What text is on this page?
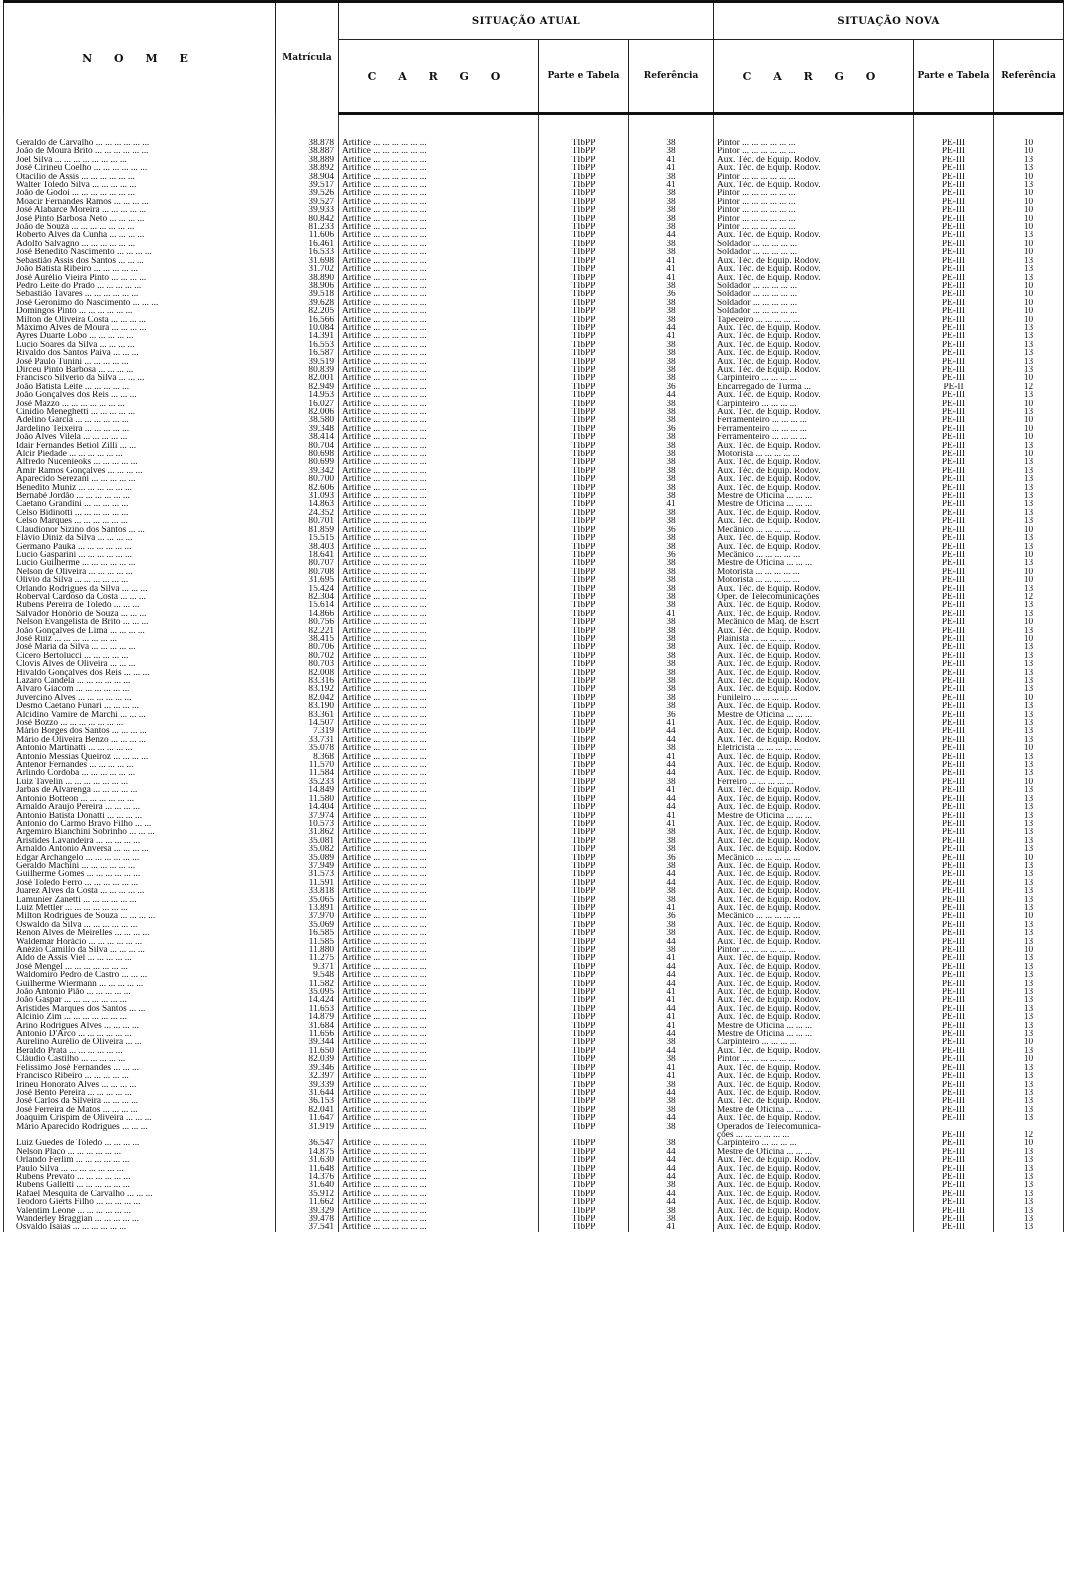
N O M E	Matrícula	SITUAÇÃO ATUAL			SITUAÇÃO NOVA		
		C A R G O	Parte e Tabela	Referência	C A R G O	Parte e Tabela	Referência

Geraldo de Carvalho ... ... ... ... ... ...	38.878	Artífice ... ... ... ... ... ...	TIbPP	38	Pintor ... ... ... ... ... ...	PE-III	10
João de Moura Brito ... ... ... ... ... ...	38.887	Artífice ... ... ... ... ... ...	TIbPP	38	Pintor ... ... ... ... ... ...	PE-III	10
Joel Silva ... ... ... ... ... ... ... ...	38.889	Artífice ... ... ... ... ... ...	TIbPP	41	Aux. Téc. de Equip. Rodov.	PE-III	13
José Cirineu Coelho ... ... ... ... ... ...	38.892	Artífice ... ... ... ... ... ...	TIbPP	41	Aux. Téc. de Equip. Rodov.	PE-III	13
Otacílio de Assis ... ... ... ... ... ...	38.904	Artífice ... ... ... ... ... ...	TIbPP	38	Pintor ... ... ... ... ... ...	PE-III	10
Walter Toledo Silva ... ... ... ... ...	39.517	Artífice ... ... ... ... ... ...	TIbPP	41	Aux. Téc. de Equip. Rodov.	PE-III	13
João de Godoi ... ... ... ... ... ... ...	39.526	Artífice ... ... ... ... ... ...	TIbPP	38	Pintor ... ... ... ... ... ...	PE-III	10
Moacir Fernandes Ramos ... ... ... ...	39.527	Artífice ... ... ... ... ... ...	TIbPP	38	Pintor ... ... ... ... ... ...	PE-III	10
José Alabarce Moreira ... ... ... ... ...	39.933	Artífice ... ... ... ... ... ...	TIbPP	38	Pintor ... ... ... ... ... ...	PE-III	10
José Pinto Barbosa Neto ... ... ... ...	80.842	Artífice ... ... ... ... ... ...	TIbPP	38	Pintor ... ... ... ... ... ...	PE-III	10
João de Souza ... ... ... ... ... ... ...	81.233	Artífice ... ... ... ... ... ...	TIbPP	38	Pintor ... ... ... ... ... ...	PE-III	10
Roberto Alves da Cunha ... ... ... ...	11.606	Artífice ... ... ... ... ... ...	TIbPP	44	Aux. Téc. de Equip. Rodov.	PE-III	13
Adolfo Salvagno ... ... ... ... ... ...	16.461	Artífice ... ... ... ... ... ...	TIbPP	38	Soldador ... ... ... ... ...	PE-III	10
José Benedito Nascimento ... ... ... ...	16.533	Artífice ... ... ... ... ... ...	TIbPP	38	Soldador ... ... ... ... ...	PE-III	10
Sebastião Assis dos Santos ... ... ...	31.698	Artífice ... ... ... ... ... ...	TIbPP	41	Aux. Téc. de Equip. Rodov.	PE-III	13
João Batista Ribeiro ... ... ... ... ...	31.702	Artífice ... ... ... ... ... ...	TIbPP	41	Aux. Téc. de Equip. Rodov.	PE-III	13
José Aurélio Vieira Pinto ... ... ... ...	38.890	Artífice ... ... ... ... ... ...	TIbPP	41	Aux. Téc. de Equip. Rodov.	PE-III	13
Pedro Leite do Prado ... ... ... ... ...	38.906	Artífice ... ... ... ... ... ...	TIbPP	38	Soldador ... ... ... ... ...	PE-III	10
Sebastião Tavares ... ... ... ... ... ...	39.518	Artífice ... ... ... ... ... ...	TIbPP	36	Soldador ... ... ... ... ...	PE-III	10
José Geronimo do Nascimento ... ... ...	39.628	Artífice ... ... ... ... ... ...	TIbPP	38	Soldador ... ... ... ... ...	PE-III	10
Domingos Pinto ... ... ... ... ... ...	82.205	Artífice ... ... ... ... ... ...	TIbPP	38	Soldador ... ... ... ... ...	PE-III	10
Milton de Oliveira Costa ... ... ... ...	16.566	Artífice ... ... ... ... ... ...	TIbPP	38	Tapeceiro ... ... ... ... ...	PE-III	10
Máximo Alves de Moura ... ... ... ...	10.084	Artífice ... ... ... ... ... ...	TIbPP	44	Aux. Téc. de Equip. Rodov.	PE-III	13
Ayres Duarte Lobo ... ... ... ... ...	14.391	Artífice ... ... ... ... ... ...	TIbPP	41	Aux. Téc. de Equip. Rodov.	PE-III	13
Lucio Soares da Silva ... ... ... ...	16.553	Artífice ... ... ... ... ... ...	TIbPP	38	Aux. Téc. de Equip. Rodov.	PE-III	13
Rivaldo dos Santos Paiva ... ... ...	16.587	Artífice ... ... ... ... ... ...	TIbPP	38	Aux. Téc. de Equip. Rodov.	PE-III	13
José Paulo Tunini ... ... ... ... ...	39.519	Artífice ... ... ... ... ... ...	TIbPP	38	Aux. Téc. de Equip. Rodov.	PE-III	13
Dirceu Pinto Barbosa ... ... ... ...	80.839	Artífice ... ... ... ... ... ...	TIbPP	38	Aux. Téc. de Equip. Rodov.	PE-III	13
Francisco Silverio da Silva ... ... ...	82.001	Artífice ... ... ... ... ... ...	TIbPP	38	Carpinteiro ... ... ... ...	PE-III	10
João Batista Leite ... ... ... ... ...	82.949	Artífice ... ... ... ... ... ...	TIbPP	36	Encarregado de Turma ...	PE-II	12
João Gonçalves dos Reis ... ... ...	14.953	Artífice ... ... ... ... ... ...	TIbPP	44	Aux. Téc. de Equip. Rodov.	PE-III	13
José Mazzo ... ... ... ... ... ... ...	16.027	Artífice ... ... ... ... ... ...	TIbPP	38	Carpinteiro ... ... ... ...	PE-III	10
Cinidio Meneghetti ... ... ... ... ...	82.006	Artífice ... ... ... ... ... ...	TIbPP	38	Aux. Téc. de Equip. Rodov.	PE-III	13
Adelino Garcia ... ... ... ... ... ...	38.580	Artífice ... ... ... ... ... ...	TIbPP	38	Ferramenteiro ... ... ... ...	PE-III	10
Jardelino Teixeira ... ... ... ... ...	39.348	Artífice ... ... ... ... ... ...	TIbPP	36	Ferramenteiro ... ... ... ...	PE-III	10
João Alves Vilela ... ... ... ... ...	38.414	Artífice ... ... ... ... ... ...	TIbPP	38	Ferramenteiro ... ... ... ...	PE-III	10
Idair Fernandes Betiol Zilli ... ...	80.704	Artífice ... ... ... ... ... ...	TIbPP	38	Aux. Téc. de Equip. Rodov.	PE-III	13
Alcir Piedade ... ... ... ... ... ...	80.698	Artífice ... ... ... ... ... ...	TIbPP	38	Motorista ... ... ... ... ...	PE-III	10
Alfredo Nucenieoks ... ... ... ... ...	80.699	Artífice ... ... ... ... ... ...	TIbPP	38	Aux. Téc. de Equip. Rodov.	PE-III	13
Amir Ramos Gonçalves ... ... ... ...	39.342	Artífice ... ... ... ... ... ...	TIbPP	38	Aux. Téc. de Equip. Rodov.	PE-III	13
Aparecido Serezani ... ... ... ... ...	80.700	Artífice ... ... ... ... ... ...	TIbPP	38	Aux. Téc. de Equip. Rodov.	PE-III	13
Benedito Muniz ... ... ... ... ... ...	82.606	Artífice ... ... ... ... ... ...	TIbPP	38	Aux. Téc. de Equip. Rodov.	PE-III	13
Bernabé Jordão ... ... ... ... ... ...	31.093	Artífice ... ... ... ... ... ...	TIbPP	38	Mestre de Oficina ... ... ...	PE-III	13
Caetano Grandini ... ... ... ... ...	14.863	Artífice ... ... ... ... ... ...	TIbPP	41	Mestre de Oficina ... ... ...	PE-III	13
Celso Bidinotti ... ... ... ... ... ...	24.352	Artífice ... ... ... ... ... ...	TIbPP	38	Aux. Téc. de Equip. Rodov.	PE-III	13
Celso Marques ... ... ... ... ... ...	80.701	Artífice ... ... ... ... ... ...	TIbPP	38	Aux. Téc. de Equip. Rodov.	PE-III	13
Claudionor Sizino dos Santos ... ...	81.859	Artífice ... ... ... ... ... ...	TIbPP	36	Mecânico ... ... ... ... ...	PE-III	10
Flávio Diniz da Silva ... ... ... ...	15.515	Artífice ... ... ... ... ... ...	TIbPP	38	Aux. Téc. de Equip. Rodov.	PE-III	13
Germano Pauka ... ... ... ... ... ...	38.403	Artífice ... ... ... ... ... ...	TIbPP	38	Aux. Téc. de Equip. Rodov.	PE-III	13
Lucio Gasparini ... ... ... ... ... ...	18.641	Artífice ... ... ... ... ... ...	TIbPP	36	Mecânico ... ... ... ... ...	PE-III	10
Lucio Guilherme ... ... ... ... ... ...	80.707	Artífice ... ... ... ... ... ...	TIbPP	38	Mestre de Oficina ... ... ...	PE-III	13
Nelson de Oliveira ... ... ... ... ...	80.708	Artífice ... ... ... ... ... ...	TIbPP	38	Motorista ... ... ... ... ...	PE-III	10
Olivio da Silva ... ... ... ... ... ...	31.695	Artífice ... ... ... ... ... ...	TIbPP	38	Motorista ... ... ... ... ...	PE-III	10
Orlando Rodrigues da Silva ... ... ...	15.424	Artífice ... ... ... ... ... ...	TIbPP	38	Aux. Téc. de Equip. Rodov.	PE-III	13
Roberval Cardoso da Costa ... ... ...	82.304	Artífice ... ... ... ... ... ...	TIbPP	38	Oper. de Telecomunicações	PE-III	12
Rubens Pereira de Toledo ... ... ...	15.614	Artífice ... ... ... ... ... ...	TIbPP	38	Aux. Téc. de Equip. Rodov.	PE-III	13
Salvador Honório de Souza ... ... ...	14.866	Artífice ... ... ... ... ... ...	TIbPP	41	Aux. Téc. de Equip. Rodov.	PE-III	13
Nelson Evangelista de Brito ... ... ...	80.756	Artífice ... ... ... ... ... ...	TIbPP	38	Mecânico de Maq. de Escrt	PE-III	10
João Gonçalves de Lima ... ... ... ...	82.221	Artífice ... ... ... ... ... ...	TIbPP	38	Aux. Téc. de Equip. Rodov.	PE-III	13
José Ruiz ... ... ... ... ... ... ...	38.415	Artífice ... ... ... ... ... ...	TIbPP	38	Plainista ... ... ... ... ...	PE-III	10
José Maria da Silva ... ... ... ... ...	80.706	Artífice ... ... ... ... ... ...	TIbPP	38	Aux. Téc. de Equip. Rodov.	PE-III	13
Cicero Bertolucci ... ... ... ... ...	80.702	Artífice ... ... ... ... ... ...	TIbPP	38	Aux. Téc. de Equip. Rodov.	PE-III	13
Clovis Alves de Oliveira ... ... ...	80.703	Artífice ... ... ... ... ... ...	TIbPP	38	Aux. Téc. de Equip. Rodov.	PE-III	13
Hivaldo Gonçalves dos Reis ... ... ...	82.008	Artífice ... ... ... ... ... ...	TIbPP	38	Aux. Téc. de Equip. Rodov.	PE-III	13
Lazaro Candela ... ... ... ... ... ...	83.316	Artífice ... ... ... ... ... ...	TIbPP	38	Aux. Téc. de Equip. Rodov.	PE-III	13
Alvaro Giacom ... ... ... ... ... ...	83.192	Artífice ... ... ... ... ... ...	TIbPP	38	Aux. Téc. de Equip. Rodov.	PE-III	13
Juvercino Alves ... ... ... ... ... ...	82.042	Artífice ... ... ... ... ... ...	TIbPP	38	Funileiro ... ... ... ... ...	PE-III	10
Desmo Caetano Funari ... ... ... ...	83.190	Artífice ... ... ... ... ... ...	TIbPP	38	Aux. Téc. de Equip. Rodov.	PE-III	13
Alcidino Vamire de Marchi ... ... ...	83.361	Artífice ... ... ... ... ... ...	TIbPP	36	Mestre de Oficina ... ... ...	PE-III	13
José Bozzo ... ... ... ... ... ... ...	14.507	Artífice ... ... ... ... ... ...	TIbPP	41	Aux. Téc. de Equip. Rodov.	PE-III	13
Mário Borges dos Santos ... ... ... ...	7.319	Artífice ... ... ... ... ... ...	TIbPP	44	Aux. Téc. de Equip. Rodov.	PE-III	13
Mário de Oliveira Benzo ... ... ... ...	33.731	Artífice ... ... ... ... ... ...	TIbPP	44	Aux. Téc. de Equip. Rodov.	PE-III	13
Antonio Martinatti ... ... ... ... ...	35.078	Artífice ... ... ... ... ... ...	TIbPP	38	Eletricista ... ... ... ... ...	PE-III	10
Antonio Messias Queiroz ... ... ... ...	8.368	Artífice ... ... ... ... ... ...	TIbPP	41	Aux. Téc. de Equip. Rodov.	PE-III	13
Antenor Fernandes ... ... ... ... ...	11.570	Artífice ... ... ... ... ... ...	TIbPP	44	Aux. Téc. de Equip. Rodov.	PE-III	13
Arlindo Cordoba ... ... ... ... ... ...	11.584	Artífice ... ... ... ... ... ...	TIbPP	44	Aux. Téc. de Equip. Rodov.	PE-III	13
Luiz Tavelin ... ... ... ... ... ... ...	35.233	Artífice ... ... ... ... ... ...	TIbPP	38	Ferreiro ... ... ... ... ...	PE-III	10
Jarbas de Alvarenga ... ... ... ... ...	14.849	Artífice ... ... ... ... ... ...	TIbPP	41	Aux. Téc. de Equip. Rodov.	PE-III	13
Antonio Botteon ... ... ... ... ... ...	11.580	Artífice ... ... ... ... ... ...	TIbPP	44	Aux. Téc. de Equip. Rodov.	PE-III	13
Arnaldo Araujo Pereira ... ... ... ...	14.404	Artífice ... ... ... ... ... ...	TIbPP	44	Aux. Téc. de Equip. Rodov.	PE-III	13
Antonio Batista Donatti ... ... ... ...	37.974	Artífice ... ... ... ... ... ...	TIbPP	41	Mestre de Oficina ... ... ...	PE-III	13
Antonio do Carmo Bravo Filho ... ...	10.573	Artífice ... ... ... ... ... ...	TIbPP	41	Aux. Téc. de Equip. Rodov.	PE-III	13
Argemiro Bianchini Sobrinho ... ... ...	31.862	Artífice ... ... ... ... ... ...	TIbPP	38	Aux. Téc. de Equip. Rodov.	PE-III	13
Aristides Lavandeira ... ... ... ... ...	35.081	Artífice ... ... ... ... ... ...	TIbPP	38	Aux. Téc. de Equip. Rodov.	PE-III	13
Arnaldo Antonio Anversa ... ... ... ...	35.082	Artífice ... ... ... ... ... ...	TIbPP	38	Aux. Téc. de Equip. Rodov.	PE-III	13
Edgar Archangelo ... ... ... ... ... ...	35.089	Artífice ... ... ... ... ... ...	TIbPP	36	Mecânico ... ... ... ... ...	PE-III	10
Geraldo Machini ... ... ... ... ... ...	37.949	Artífice ... ... ... ... ... ...	TIbPP	38	Aux. Téc. de Equip. Rodov.	PE-III	13
Guilherme Gomes ... ... ... ... ... ...	31.573	Artífice ... ... ... ... ... ...	TIbPP	44	Aux. Téc. de Equip. Rodov.	PE-III	13
José Toledo Ferro ... ... ... ... ... ...	11.591	Artífice ... ... ... ... ... ...	TIbPP	44	Aux. Téc. de Equip. Rodov.	PE-III	13
Juarez Alves da Costa ... ... ... ... ...	33.818	Artífice ... ... ... ... ... ...	TIbPP	38	Aux. Téc. de Equip. Rodov.	PE-III	13
Lamunier Zanetti ... ... ... ... ... ...	35.065	Artífice ... ... ... ... ... ...	TIbPP	38	Aux. Téc. de Equip. Rodov.	PE-III	13
Luiz Mettler ... ... ... ... ... ... ...	13.891	Artífice ... ... ... ... ... ...	TIbPP	41	Aux. Téc. de Equip. Rodov.	PE-III	13
Milton Rodrigues de Souza ... ... ... ...	37.970	Artífice ... ... ... ... ... ...	TIbPP	36	Mecânico ... ... ... ... ...	PE-III	10
Oswaldo da Silva ... ... ... ... ... ...	35.069	Artífice ... ... ... ... ... ...	TIbPP	38	Aux. Téc. de Equip. Rodov.	PE-III	13
Renon Alves de Meirelles ... ... ... ...	16.585	Artífice ... ... ... ... ... ...	TIbPP	38	Aux. Téc. de Equip. Rodov.	PE-III	13
Waldemar Horácio ... ... ... ... ... ...	11.585	Artífice ... ... ... ... ... ...	TIbPP	44	Aux. Téc. de Equip. Rodov.	PE-III	13
Anézio Camillo da Silva ... ... ... ...	11.880	Artífice ... ... ... ... ... ...	TIbPP	38	Pintor ... ... ... ... ... ...	PE-III	10
Aldo de Assis Viel ... ... ... ... ...	11.275	Artífice ... ... ... ... ... ...	TIbPP	41	Aux. Téc. de Equip. Rodov.	PE-III	13
José Mengel ... ... ... ... ... ... ...	9.371	Artífice ... ... ... ... ... ...	TIbPP	44	Aux. Téc. de Equip. Rodov.	PE-III	13
Waldomiro Pedro de Castro ... ... ...	9.548	Artífice ... ... ... ... ... ...	TIbPP	44	Aux. Téc. de Equip. Rodov.	PE-III	13
Guilherme Wiermann ... ... ... ... ...	11.582	Artífice ... ... ... ... ... ...	TIbPP	44	Aux. Téc. de Equip. Rodov.	PE-III	13
João Antonio Pião ... ... ... ... ...	35.095	Artífice ... ... ... ... ... ...	TIbPP	41	Aux. Téc. de Equip. Rodov.	PE-III	13
João Gaspar ... ... ... ... ... ... ...	14.424	Artífice ... ... ... ... ... ...	TIbPP	41	Aux. Téc. de Equip. Rodov.	PE-III	13
Aristides Marques dos Santos ... ...	11.653	Artífice ... ... ... ... ... ...	TIbPP	44	Aux. Téc. de Equip. Rodov.	PE-III	13
Alcinio Zim ... ... ... ... ... ... ...	14.879	Artífice ... ... ... ... ... ...	TIbPP	41	Aux. Téc. de Equip. Rodov.	PE-III	13
Arino Rodrigues Alves ... ... ... ...	31.684	Artífice ... ... ... ... ... ...	TIbPP	41	Mestre de Oficina ... ... ...	PE-III	13
Antonio D'Arco ... ... ... ... ... ...	11.656	Artífice ... ... ... ... ... ...	TIbPP	44	Mestre de Oficina ... ... ...	PE-III	13
Aurelino Aurélio de Oliveira ... ...	39.344	Artífice ... ... ... ... ... ...	TIbPP	38	Carpinteiro ... ... ... ...	PE-III	10
Beraldo Prata ... ... ... ... ... ...	11.650	Artífice ... ... ... ... ... ...	TIbPP	44	Aux. Téc. de Equip. Rodov.	PE-III	13
Cláudio Castilho ... ... ... ... ...	82.039	Artífice ... ... ... ... ... ...	TIbPP	38	Pintor ... ... ... ... ... ...	PE-III	10
Felissimo José Fernandes ... ... ...	39.346	Artífice ... ... ... ... ... ...	TIbPP	41	Aux. Téc. de Equip. Rodov.	PE-III	13
Francisco Ribeiro ... ... ... ... ...	32.397	Artífice ... ... ... ... ... ...	TIbPP	41	Aux. Téc. de Equip. Rodov.	PE-III	13
Irineu Honorato Alves ... ... ... ...	39.339	Artífice ... ... ... ... ... ...	TIbPP	38	Aux. Téc. de Equip. Rodov.	PE-III	13
José Bento Pereira ... ... ... ... ...	31.644	Artífice ... ... ... ... ... ...	TIbPP	44	Aux. Téc. de Equip. Rodov.	PE-III	13
José Carlos da Silveira ... ... ... ...	36.153	Artífice ... ... ... ... ... ...	TIbPP	38	Aux. Téc. de Equip. Rodov.	PE-III	13
José Ferreira de Matos ... ... ... ...	82.041	Artífice ... ... ... ... ... ...	TIbPP	38	Mestre de Oficina ... ... ...	PE-III	13
Joaquim Crispim de Oliveira ... ... ...	11.647	Artífice ... ... ... ... ... ...	TIbPP	44	Aux. Téc. de Equip. Rodov.	PE-III	13
Mário Aparecido Rodrigues ... ... ...	31.919	Artífice ... ... ... ... ... ...	TIbPP	38	Operados de Telecomunica-		
					ções ... ... ... ... ... ...	PE-III	12
Luiz Guedes de Toledo ... ... ... ...	36.547	Artífice ... ... ... ... ... ...	TIbPP	38	Carpinteiro ... ... ... ...	PE-III	10
Nelson Placo ... ... ... ... ... ...	14.875	Artífice ... ... ... ... ... ...	TIbPP	44	Mestre de Oficina ... ... ...	PE-III	13
Orlando Ferlim ... ... ... ... ... ...	31.630	Artífice ... ... ... ... ... ...	TIbPP	44	Aux. Téc. de Equip. Rodov.	PE-III	13
Paulo Silva ... ... ... ... ... ... ...	11.648	Artífice ... ... ... ... ... ...	TIbPP	44	Aux. Téc. de Equip. Rodov.	PE-III	13
Rubens Prevato ... ... ... ... ... ...	14.376	Artífice ... ... ... ... ... ...	TIbPP	44	Aux. Téc. de Equip. Rodov.	PE-III	13
Rubens Galletti ... ... ... ... ... ...	31.640	Artífice ... ... ... ... ... ...	TIbPP	38	Aux. Téc. de Equip. Rodov.	PE-III	13
Rafael Mesquita de Carvalho ... ... ...	35.912	Artífice ... ... ... ... ... ...	TIbPP	44	Aux. Téc. de Equip. Rodov.	PE-III	13
Teodoro Gierts Filho ... ... ... ... ...	11.662	Artífice ... ... ... ... ... ...	TIbPP	44	Aux. Téc. de Equip. Rodov.	PE-III	13
Valentim Leone ... ... ... ... ... ...	39.329	Artífice ... ... ... ... ... ...	TIbPP	38	Aux. Téc. de Equip. Rodov.	PE-III	13
Wanderley Braggian ... ... ... ... ...	39.478	Artífice ... ... ... ... ... ...	TIbPP	38	Aux. Téc. de Equip. Rodov.	PE-III	13
Osvaldo Isaias ... ... ... ... ... ...	37.541	Artífice ... ... ... ... ... ...	TIbPP	41	Aux. Téc. de Equip. Rodov.	PE-III	13
